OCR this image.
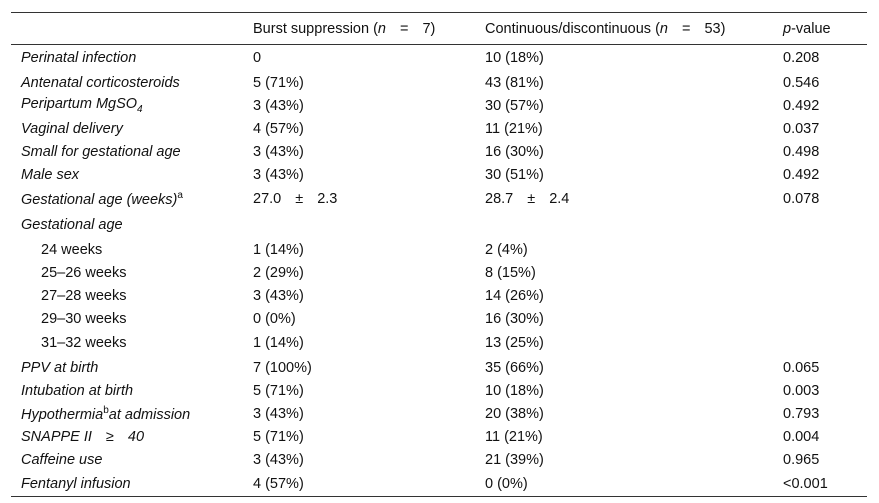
	Burst suppression (n = 7)	Continuous/discontinuous (n = 53)	p-value
Perinatal infection	0	10 (18%)	0.208
Antenatal corticosteroids	5 (71%)	43 (81%)	0.546
Peripartum MgSO$_4$	3 (43%)	30 (57%)	0.492
Vaginal delivery	4 (57%)	11 (21%)	0.037
Small for gestational age	3 (43%)	16 (30%)	0.498
Male sex	3 (43%)	30 (51%)	0.492
Gestational age (weeks)$^a$	27.0 ± 2.3	28.7 ± 2.4	0.078
Gestational age			
24 weeks	1 (14%)	2 (4%)	
25–26 weeks	2 (29%)	8 (15%)	
27–28 weeks	3 (43%)	14 (26%)	
29–30 weeks	0 (0%)	16 (30%)	
31–32 weeks	1 (14%)	13 (25%)	
PPV at birth	7 (100%)	35 (66%)	0.065
Intubation at birth	5 (71%)	10 (18%)	0.003
Hypothermia$^b$at admission	3 (43%)	20 (38%)	0.793
SNAPPE II ≥ 40	5 (71%)	11 (21%)	0.004
Caffeine use	3 (43%)	21 (39%)	0.965
Fentanyl infusion	4 (57%)	0 (0%)	<0.001
